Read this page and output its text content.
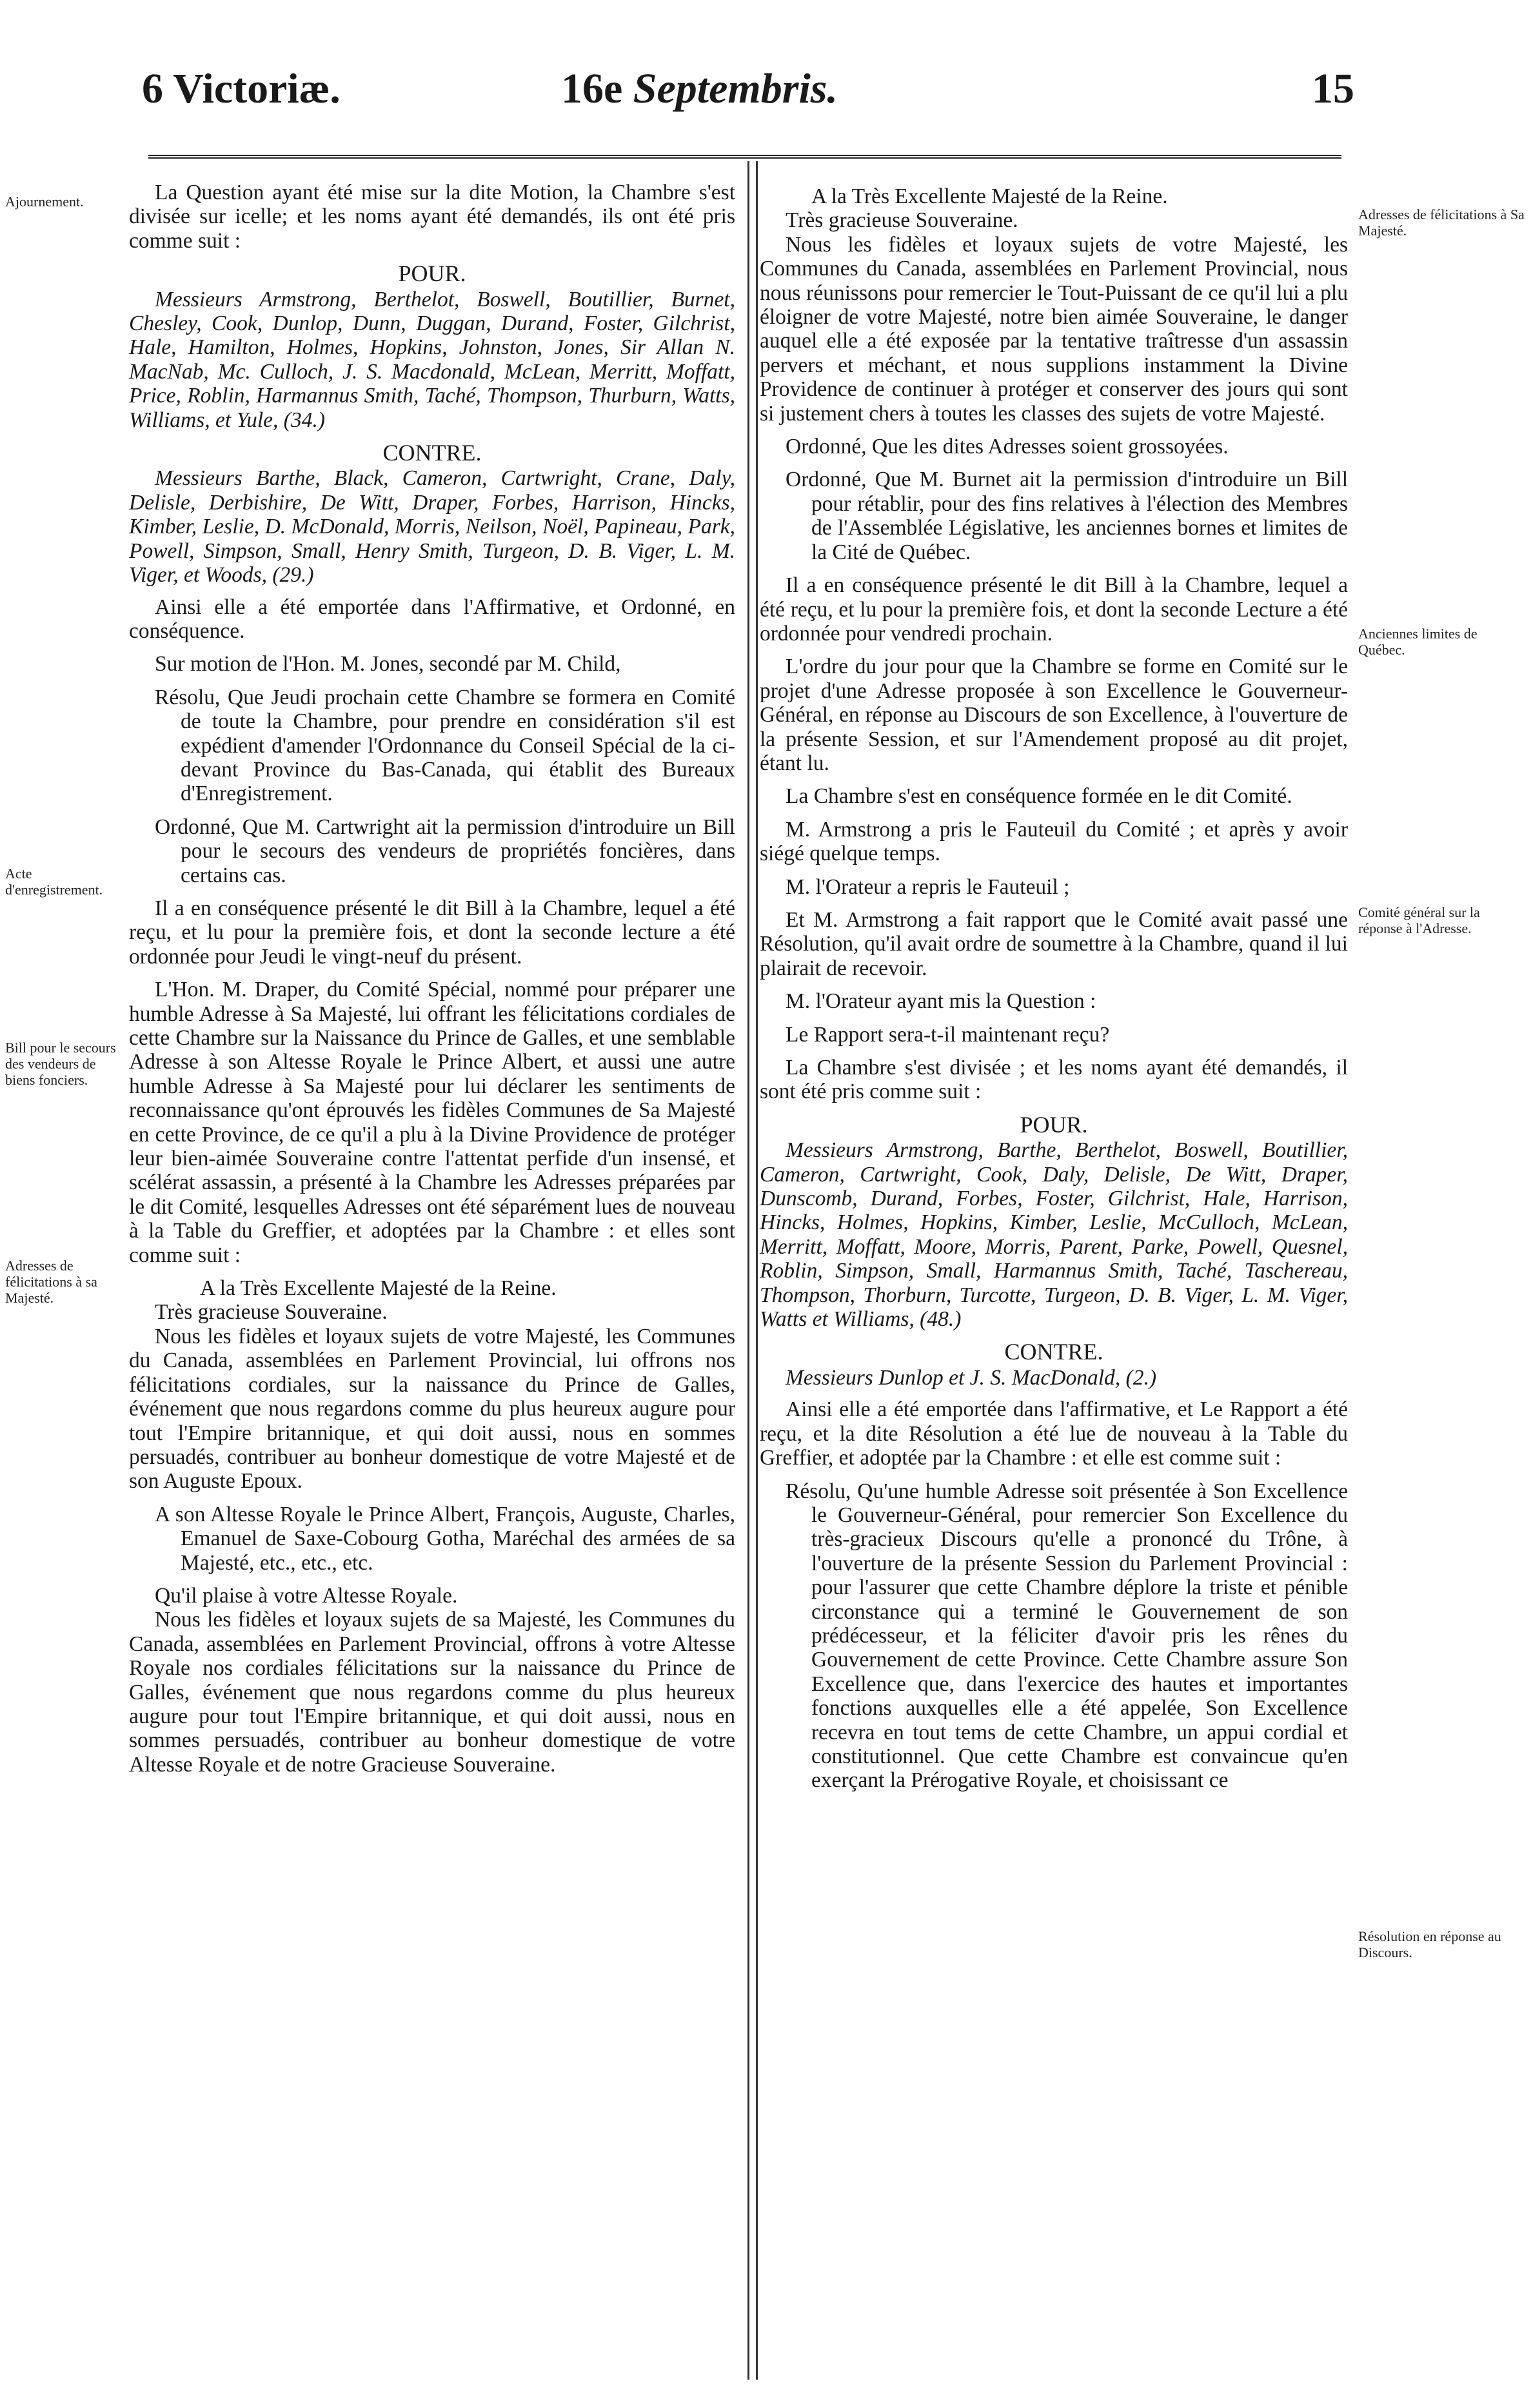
6 Victoriæ.	16e Septembris.	15
Ajournement.
Acte d'enregistrement.
Bill pour le secours des vendeurs de biens fonciers.
Adresses de félicitations à sa Majesté.
Adresses de félicitations à Sa Majesté.
Anciennes limites de Québec.
Comité général sur la réponse à l'Adresse.
Résolution en réponse au Discours.

La Question ayant été mise sur la dite Motion, la Chambre s'est divisée sur icelle; et les noms ayant été demandés, ils ont été pris comme suit :

POUR.

Messieurs Armstrong, Berthelot, Boswell, Boutillier, Burnet, Chesley, Cook, Dunlop, Dunn, Duggan, Durand, Foster, Gilchrist, Hale, Hamilton, Holmes, Hopkins, Johnston, Jones, Sir Allan N. MacNab, Mc. Culloch, J. S. Macdonald, McLean, Merritt, Moffatt, Price, Roblin, Harmannus Smith, Taché, Thompson, Thurburn, Watts, Williams, et Yule, (34.)

CONTRE.

Messieurs Barthe, Black, Cameron, Cartwright, Crane, Daly, Delisle, Derbishire, De Witt, Draper, Forbes, Harrison, Hincks, Kimber, Leslie, D. McDonald, Morris, Neilson, Noël, Papineau, Park, Powell, Simpson, Small, Henry Smith, Turgeon, D. B. Viger, L. M. Viger, et Woods, (29.)

Ainsi elle a été emportée dans l'Affirmative, et Ordonné, en conséquence.

Sur motion de l'Hon. M. Jones, secondé par M. Child,

Résolu, Que Jeudi prochain cette Chambre se formera en Comité de toute la Chambre, pour prendre en considération s'il est expédient d'amender l'Ordonnance du Conseil Spécial de la ci-devant Province du Bas-Canada, qui établit des Bureaux d'Enregistrement.

Ordonné, Que M. Cartwright ait la permission d'introduire un Bill pour le secours des vendeurs de propriétés foncières, dans certains cas.

Il a en conséquence présenté le dit Bill à la Chambre, lequel a été reçu, et lu pour la première fois, et dont la seconde lecture a été ordonnée pour Jeudi le vingt-neuf du présent.

L'Hon. M. Draper, du Comité Spécial, nommé pour préparer une humble Adresse à Sa Majesté, lui offrant les félicitations cordiales de cette Chambre sur la Naissance du Prince de Galles, et une semblable Adresse à son Altesse Royale le Prince Albert, et aussi une autre humble Adresse à Sa Majesté pour lui déclarer les sentiments de reconnaissance qu'ont éprouvés les fidèles Communes de Sa Majesté en cette Province, de ce qu'il a plu à la Divine Providence de protéger leur bien-aimée Souveraine contre l'attentat perfide d'un insensé, et scélérat assassin, a présenté à la Chambre les Adresses préparées par le dit Comité, lesquelles Adresses ont été séparément lues de nouveau à la Table du Greffier, et adoptées par la Chambre : et elles sont comme suit :

A la Très Excellente Majesté de la Reine.

Très gracieuse Souveraine.

Nous les fidèles et loyaux sujets de votre Majesté, les Communes du Canada, assemblées en Parlement Provincial, lui offrons nos félicitations cordiales, sur la naissance du Prince de Galles, événement que nous regardons comme du plus heureux augure pour tout l'Empire britannique, et qui doit aussi, nous en sommes persuadés, contribuer au bonheur domestique de votre Majesté et de son Auguste Epoux.

A son Altesse Royale le Prince Albert, François, Auguste, Charles, Emanuel de Saxe-Cobourg Gotha, Maréchal des armées de sa Majesté, etc., etc., etc.

Qu'il plaise à votre Altesse Royale.

Nous les fidèles et loyaux sujets de sa Majesté, les Communes du Canada, assemblées en Parlement Provincial, offrons à votre Altesse Royale nos cordiales félicitations sur la naissance du Prince de Galles, événement que nous regardons comme du plus heureux augure pour tout l'Empire britannique, et qui doit aussi, nous en sommes persuadés, contribuer au bonheur domestique de votre Altesse Royale et de notre Gracieuse Souveraine.

A la Très Excellente Majesté de la Reine.

Très gracieuse Souveraine.

Nous les fidèles et loyaux sujets de votre Majesté, les Communes du Canada, assemblées en Parlement Provincial, nous nous réunissons pour remercier le Tout-Puissant de ce qu'il lui a plu éloigner de votre Majesté, notre bien aimée Souveraine, le danger auquel elle a été exposée par la tentative traîtresse d'un assassin pervers et méchant, et nous supplions instamment la Divine Providence de continuer à protéger et conserver des jours qui sont si justement chers à toutes les classes des sujets de votre Majesté.

Ordonné, Que les dites Adresses soient grossoyées.

Ordonné, Que M. Burnet ait la permission d'introduire un Bill pour rétablir, pour des fins relatives à l'élection des Membres de l'Assemblée Législative, les anciennes bornes et limites de la Cité de Québec.

Il a en conséquence présenté le dit Bill à la Chambre, lequel a été reçu, et lu pour la première fois, et dont la seconde Lecture a été ordonnée pour vendredi prochain.

L'ordre du jour pour que la Chambre se forme en Comité sur le projet d'une Adresse proposée à son Excellence le Gouverneur-Général, en réponse au Discours de son Excellence, à l'ouverture de la présente Session, et sur l'Amendement proposé au dit projet, étant lu.

La Chambre s'est en conséquence formée en le dit Comité.

M. Armstrong a pris le Fauteuil du Comité ; et après y avoir siégé quelque temps.

M. l'Orateur a repris le Fauteuil ;

Et M. Armstrong a fait rapport que le Comité avait passé une Résolution, qu'il avait ordre de soumettre à la Chambre, quand il lui plairait de recevoir.

M. l'Orateur ayant mis la Question :

Le Rapport sera-t-il maintenant reçu?

La Chambre s'est divisée ; et les noms ayant été demandés, il sont été pris comme suit :

POUR.

Messieurs Armstrong, Barthe, Berthelot, Boswell, Boutillier, Cameron, Cartwright, Cook, Daly, Delisle, De Witt, Draper, Dunscomb, Durand, Forbes, Foster, Gilchrist, Hale, Harrison, Hincks, Holmes, Hopkins, Kimber, Leslie, McCulloch, McLean, Merritt, Moffatt, Moore, Morris, Parent, Parke, Powell, Quesnel, Roblin, Simpson, Small, Harmannus Smith, Taché, Taschereau, Thompson, Thorburn, Turcotte, Turgeon, D. B. Viger, L. M. Viger, Watts et Williams, (48.)

CONTRE.

Messieurs Dunlop et J. S. MacDonald, (2.)

Ainsi elle a été emportée dans l'affirmative, et Le Rapport a été reçu, et la dite Résolution a été lue de nouveau à la Table du Greffier, et adoptée par la Chambre : et elle est comme suit :

Résolu, Qu'une humble Adresse soit présentée à Son Excellence le Gouverneur-Général, pour remercier Son Excellence du très-gracieux Discours qu'elle a prononcé du Trône, à l'ouverture de la présente Session du Parlement Provincial : pour l'assurer que cette Chambre déplore la triste et pénible circonstance qui a terminé le Gouvernement de son prédécesseur, et la féliciter d'avoir pris les rênes du Gouvernement de cette Province. Cette Chambre assure Son Excellence que, dans l'exercice des hautes et importantes fonctions auxquelles elle a été appelée, Son Excellence recevra en tout tems de cette Chambre, un appui cordial et constitutionnel. Que cette Chambre est convaincue qu'en exerçant la Prérogative Royale, et choisissant ce
